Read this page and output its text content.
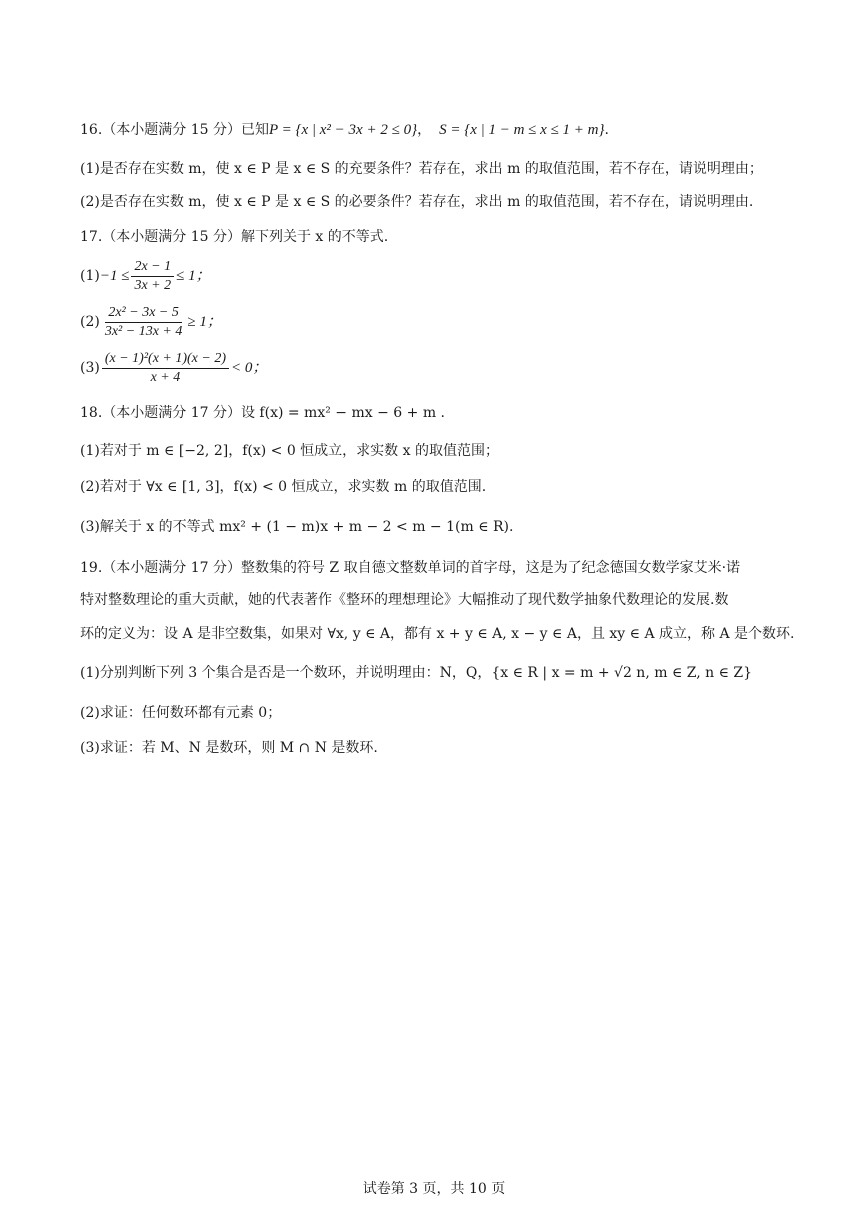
16.（本小题满分 15 分）已知P = {x | x² − 3x + 2 ≤ 0}， S = {x | 1 − m ≤ x ≤ 1 + m}.
(1)是否存在实数 m，使 x ∈ P 是 x ∈ S 的充要条件？若存在，求出 m 的取值范围，若不存在，请说明理由；
(2)是否存在实数 m，使 x ∈ P 是 x ∈ S 的必要条件？若存在，求出 m 的取值范围，若不存在，请说明理由.
17.（本小题满分 15 分）解下列关于 x 的不等式.
$(1) -1 \le \frac{2x - 1}{3x + 2} \le 1$；
$(2) \frac{\text{2x² − 3x − 5}}{\text{3x² − 13x + 4}} \ge 1$；
$(3) \frac{\text{(x − 1)²(x + 1)(x − 2)}}{x + 4} < 0$；
18.（本小题满分 17 分）设 f(x) = mx² − mx − 6 + m .
(1)若对于 m ∈ [−2, 2]，f(x) < 0 恒成立，求实数 x 的取值范围；
(2)若对于 ∀x ∈ [1, 3]，f(x) < 0 恒成立，求实数 m 的取值范围.
(3)解关于 x 的不等式 mx² + (1 − m)x + m − 2 < m − 1(m ∈ R).
19.（本小题满分 17 分）整数集的符号 Z 取自德文整数单词的首字母，这是为了纪念德国女数学家艾米·诺
特对整数理论的重大贡献，她的代表著作《整环的理想理论》大幅推动了现代数学抽象代数理论的发展.数
环的定义为：设 A 是非空数集，如果对 ∀x, y ∈ A，都有 x + y ∈ A, x − y ∈ A，且 xy ∈ A 成立，称 A 是个数环.
(1)分别判断下列 3 个集合是否是一个数环，并说明理由：N，Q，{x ∈ R | x = m + √2 n, m ∈ Z, n ∈ Z}
(2)求证：任何数环都有元素 0；
(3)求证：若 M、N 是数环，则 M ∩ N 是数环.
试卷第 3 页，共 10 页
